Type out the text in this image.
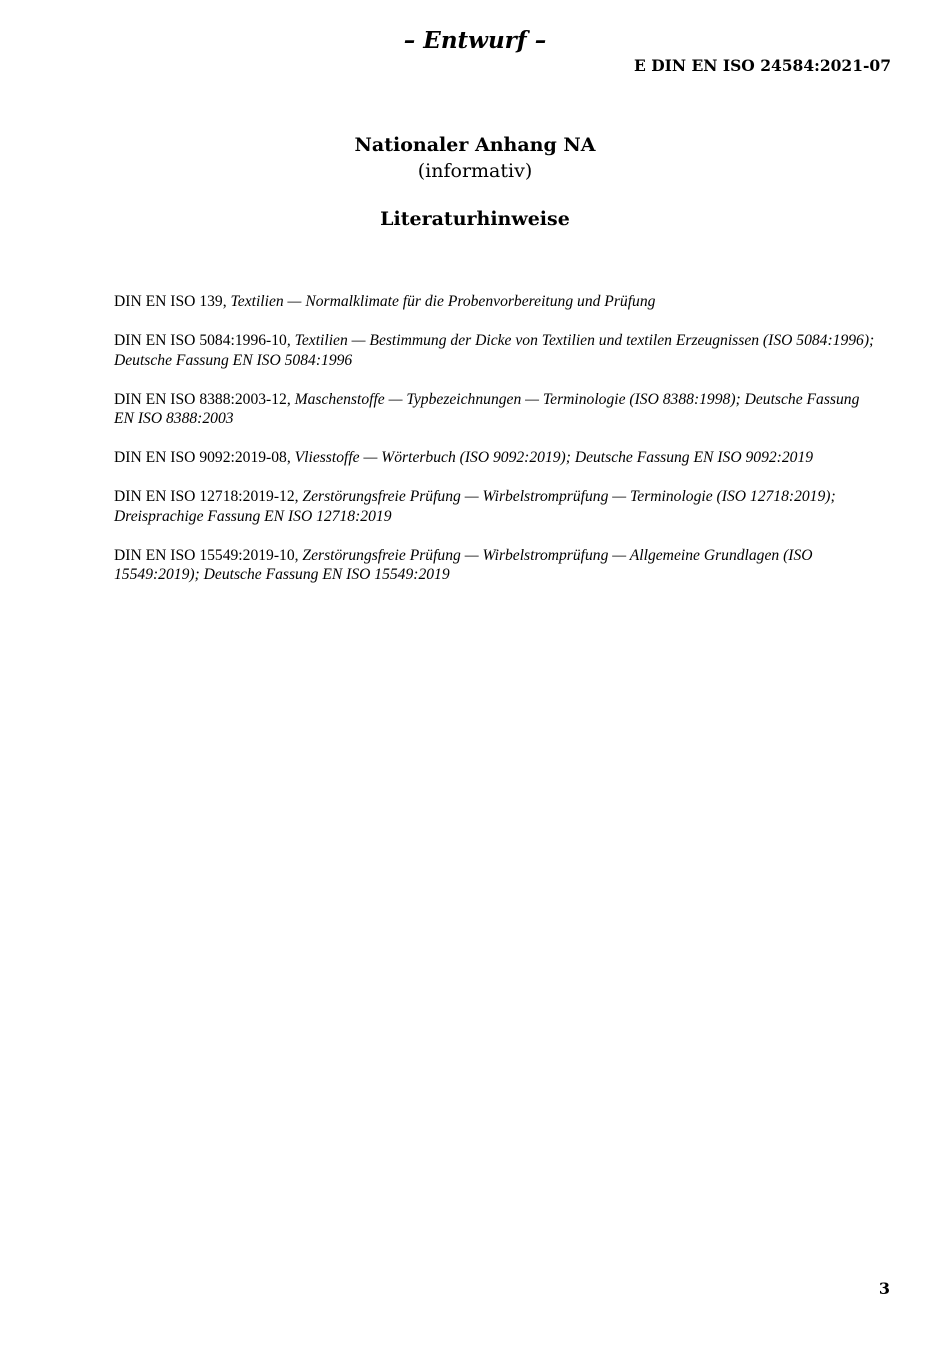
– Entwurf –
E DIN EN ISO 24584:2021-07
Nationaler Anhang NA
(informativ)
Literaturhinweise
DIN EN ISO 139, Textilien — Normalklimate für die Probenvorbereitung und Prüfung
DIN EN ISO 5084:1996-10, Textilien — Bestimmung der Dicke von Textilien und textilen Erzeugnissen (ISO 5084:1996); Deutsche Fassung EN ISO 5084:1996
DIN EN ISO 8388:2003-12, Maschenstoffe — Typbezeichnungen — Terminologie (ISO 8388:1998); Deutsche Fassung EN ISO 8388:2003
DIN EN ISO 9092:2019-08, Vliesstoffe — Wörterbuch (ISO 9092:2019); Deutsche Fassung EN ISO 9092:2019
DIN EN ISO 12718:2019-12, Zerstörungsfreie Prüfung — Wirbelstromprüfung — Terminologie (ISO 12718:2019); Dreisprachige Fassung EN ISO 12718:2019
DIN EN ISO 15549:2019-10, Zerstörungsfreie Prüfung — Wirbelstromprüfung — Allgemeine Grundlagen (ISO 15549:2019); Deutsche Fassung EN ISO 15549:2019
3
